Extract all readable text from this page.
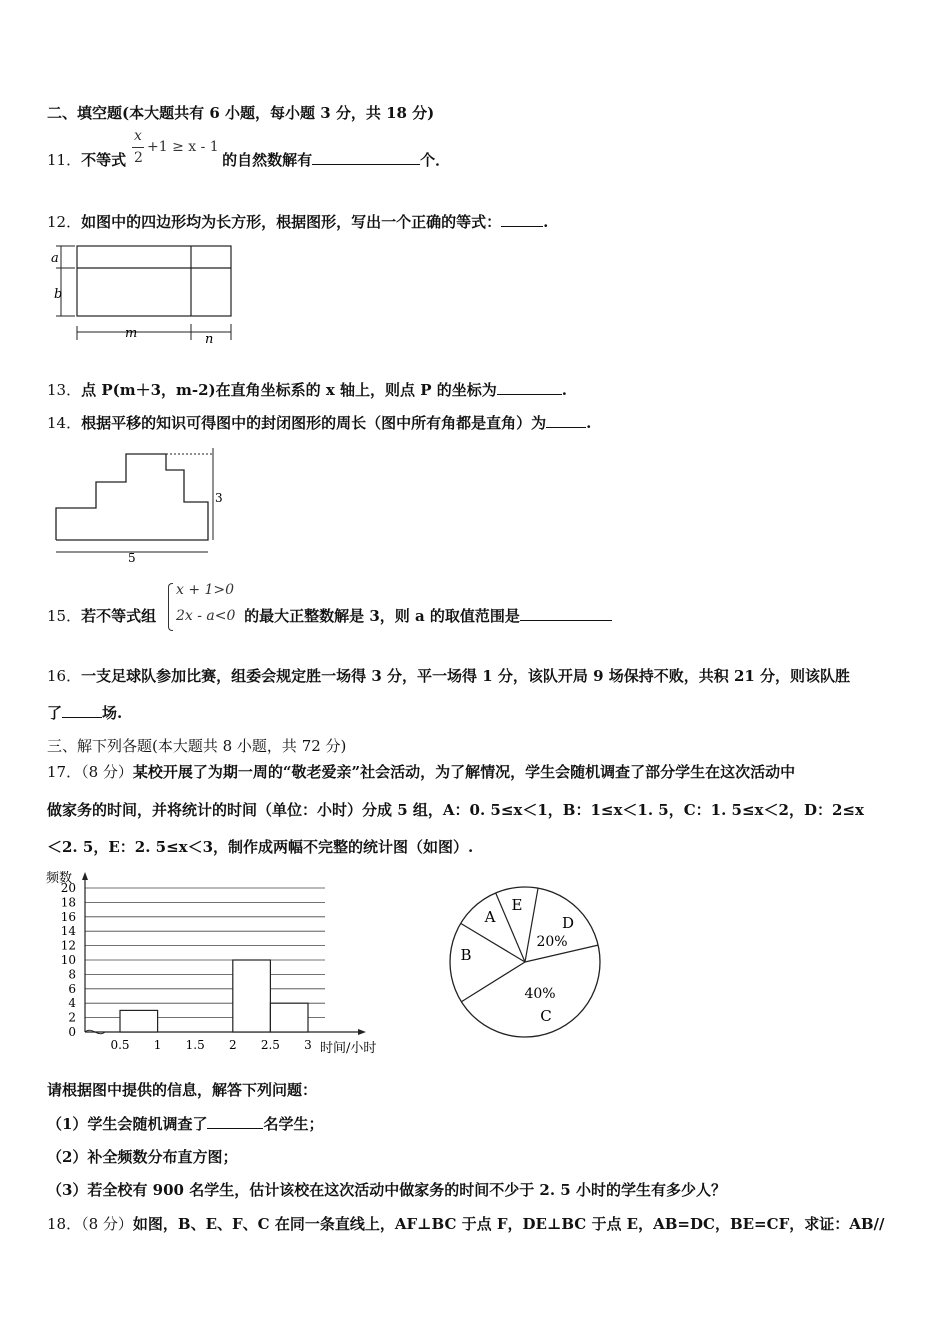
二、填空题(本大题共有 6 小题，每小题 3 分，共 18 分)
11．不等式	的自然数解有	个．
x
2
+1 ≥ x - 1
12．如图中的四边形均为长方形，根据图形，写出一个正确的等式：	.
a
b
m	n
13．点 P(m＋3，m-2)在直角坐标系的 x 轴上，则点 P 的坐标为	.
14．根据平移的知识可得图中的封闭图形的周长（图中所有角都是直角）为	.
3
5
15．若不等式组	的最大正整数解是 3，则 a 的取值范围是
x + 1>0
2x - a<0
16．一支足球队参加比赛，组委会规定胜一场得 3 分，平一场得 1 分，该队开局 9 场保持不败，共积 21 分，则该队胜
了	场.
三、解下列各题(本大题共 8 小题，共 72 分)
17．（8 分）某校开展了为期一周的“敬老爱亲”社会活动，为了解情况，学生会随机调查了部分学生在这次活动中
做家务的时间，并将统计的时间（单位：小时）分成 5 组，A：0. 5≤x＜1，B：1≤x＜1. 5，C：1. 5≤x＜2，D：2≤x
＜2. 5，E：2. 5≤x＜3，制作成两幅不完整的统计图（如图）.
频数
时间/小时
0
2
4
6
8
10
12
14
16
18
20
0.5 1 1.5 2 2.5 3
A
E
D
20%
C
40%
B
请根据图中提供的信息，解答下列问题：
（1）学生会随机调查了	名学生；
（2）补全频数分布直方图；
（3）若全校有 900 名学生，估计该校在这次活动中做家务的时间不少于 2. 5 小时的学生有多少人？
18．（8 分）如图，B、E、F、C 在同一条直线上，AF⊥BC 于点 F，DE⊥BC 于点 E，AB=DC，BE=CF，求证：AB//
